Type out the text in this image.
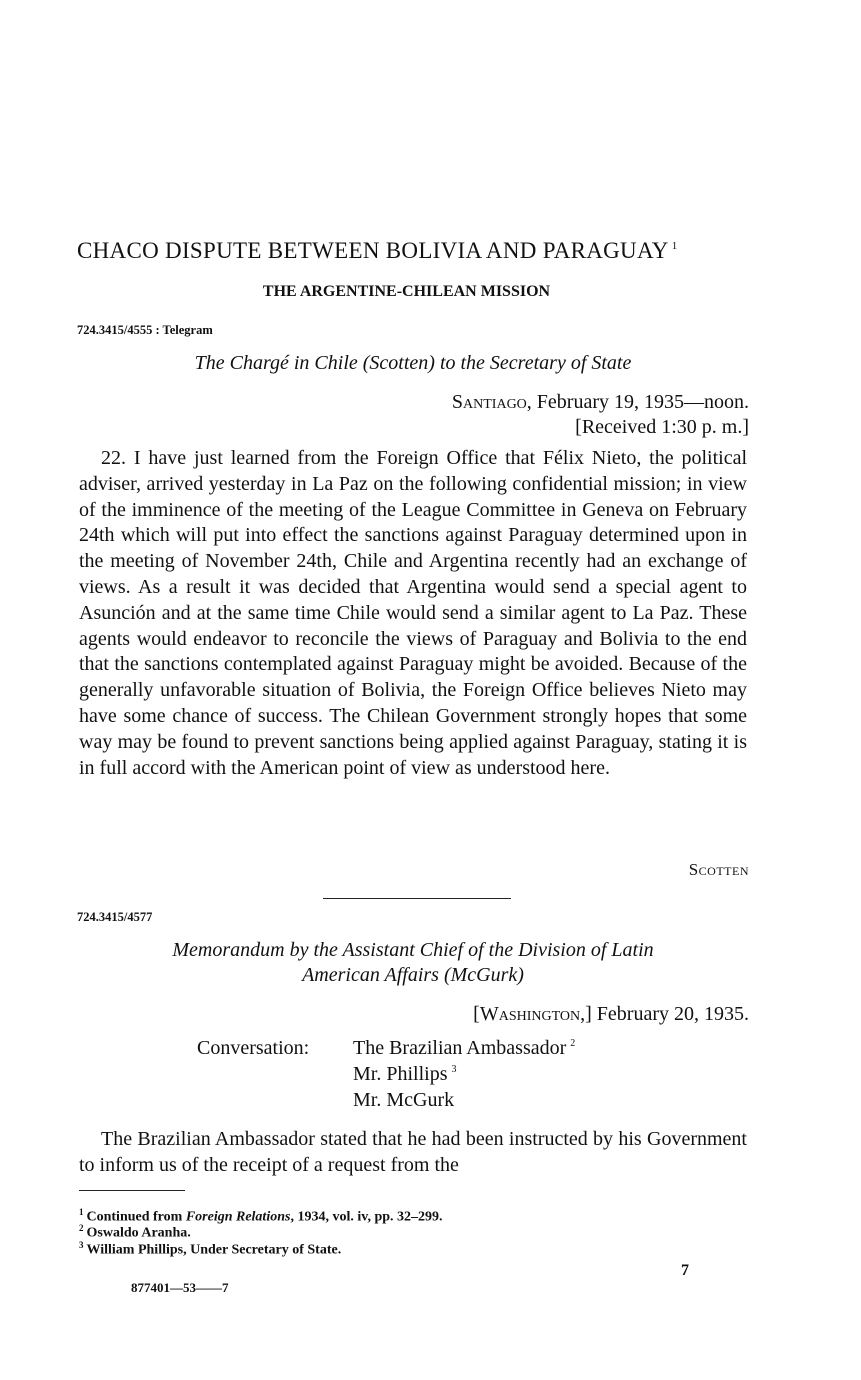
CHACO DISPUTE BETWEEN BOLIVIA AND PARAGUAY $^1$
THE ARGENTINE-CHILEAN MISSION
724.3415/4555 : Telegram
The Chargé in Chile (Scotten) to the Secretary of State
Santiago, February 19, 1935—noon.
[Received 1:30 p. m.]
22. I have just learned from the Foreign Office that Félix Nieto, the political adviser, arrived yesterday in La Paz on the following confidential mission; in view of the imminence of the meeting of the League Committee in Geneva on February 24th which will put into effect the sanctions against Paraguay determined upon in the meeting of November 24th, Chile and Argentina recently had an exchange of views. As a result it was decided that Argentina would send a special agent to Asunción and at the same time Chile would send a similar agent to La Paz. These agents would endeavor to reconcile the views of Paraguay and Bolivia to the end that the sanctions contemplated against Paraguay might be avoided. Because of the generally unfavorable situation of Bolivia, the Foreign Office believes Nieto may have some chance of success. The Chilean Government strongly hopes that some way may be found to prevent sanctions being applied against Paraguay, stating it is in full accord with the American point of view as understood here.
Scotten
724.3415/4577
Memorandum by the Assistant Chief of the Division of Latin
American Affairs (McGurk)
[Washington,] February 20, 1935.
Conversation: The Brazilian Ambassador $^2$
Mr. Phillips $^3$
Mr. McGurk
The Brazilian Ambassador stated that he had been instructed by his Government to inform us of the receipt of a request from the
$^1$ Continued from Foreign Relations, 1934, vol. iv, pp. 32–299.
$^2$ Oswaldo Aranha.
$^3$ William Phillips, Under Secretary of State.
7
877401—53——7
